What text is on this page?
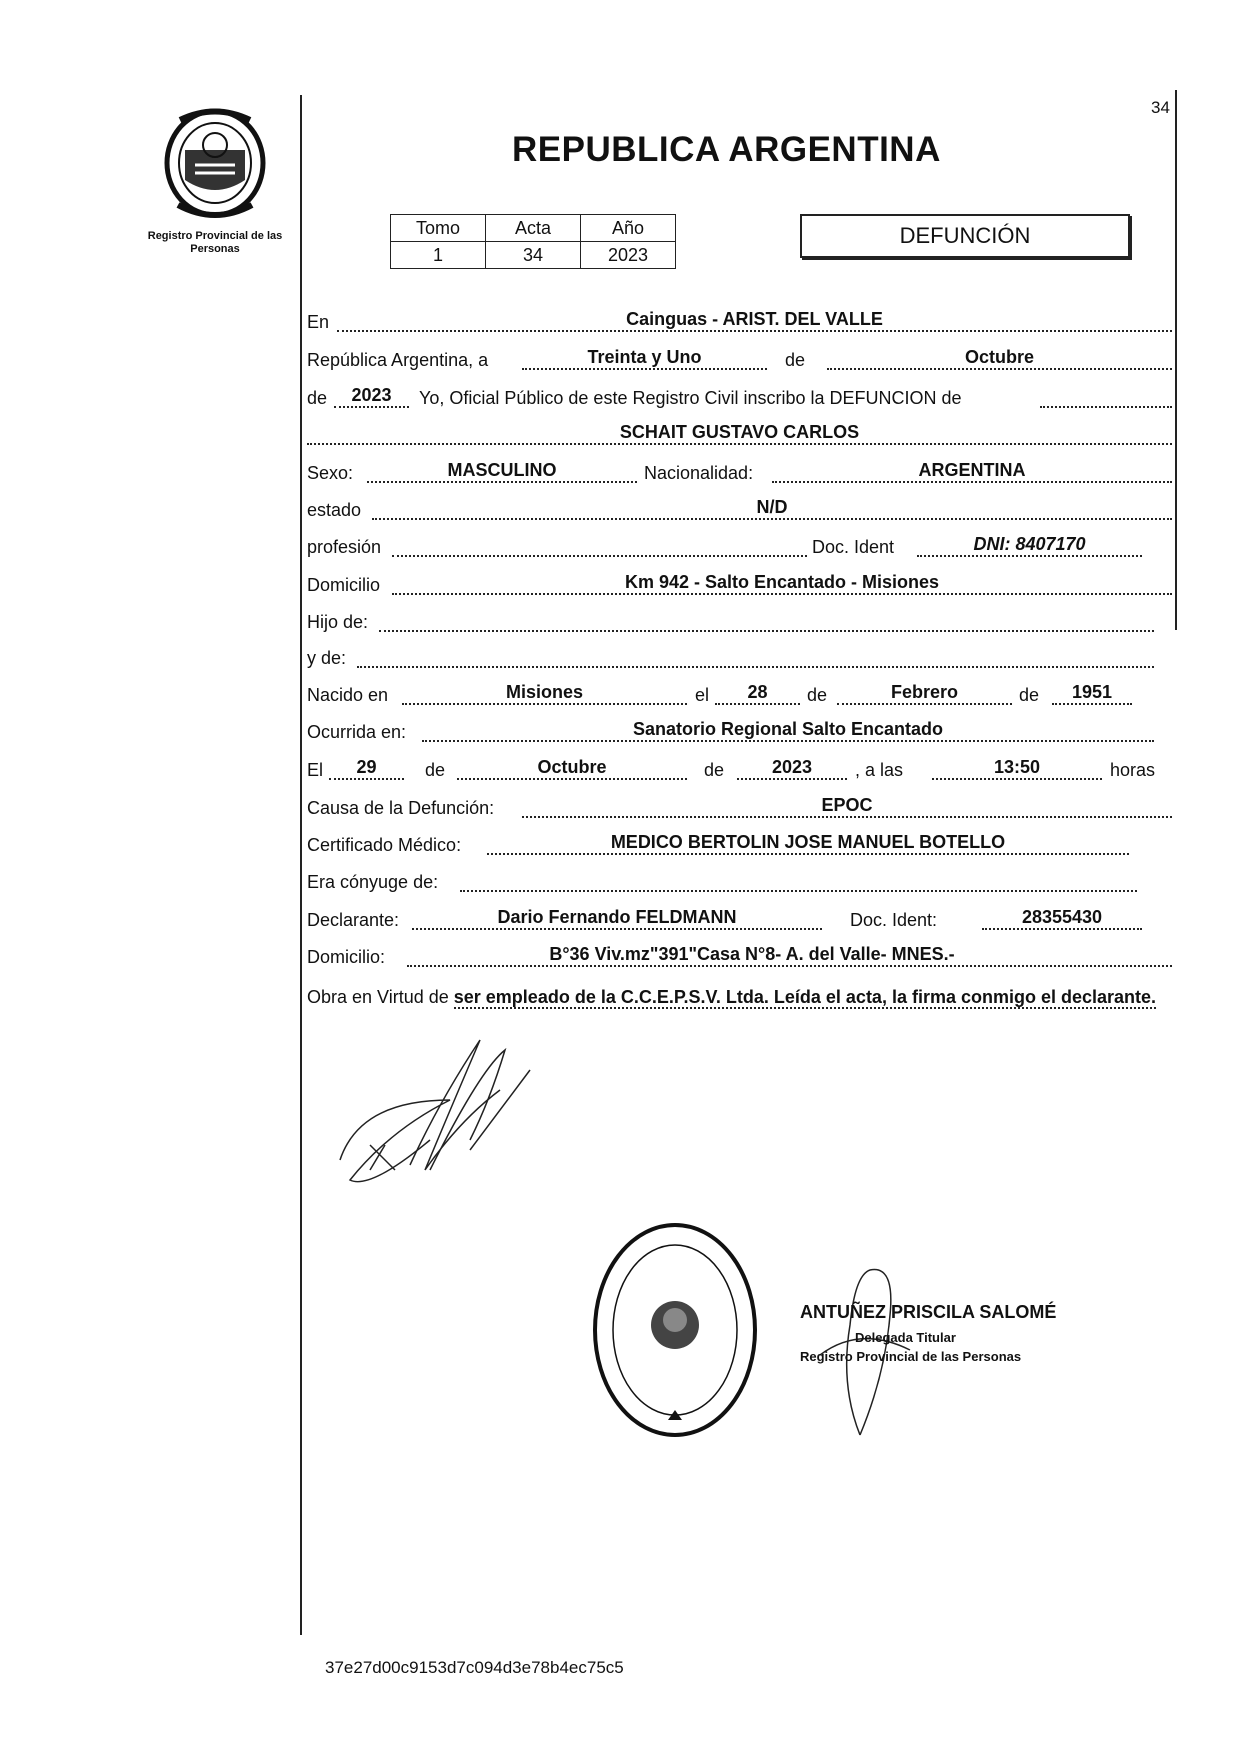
34
Registro Provincial de las Personas
REPUBLICA ARGENTINA
Tomo	Acta	Año
1	34	2023
DEFUNCIÓN
En	Cainguas - ARIST. DEL VALLE
República Argentina, a	Treinta y Uno	de	Octubre
de	2023	Yo, Oficial Público de este Registro Civil inscribo la DEFUNCION de
SCHAIT GUSTAVO CARLOS
Sexo:	MASCULINO	Nacionalidad:	ARGENTINA
estado	N/D
profesión	Doc. Ident	DNI: 8407170
Domicilio	Km 942 - Salto Encantado - Misiones
Hijo de:
y de:
Nacido en	Misiones	el	28	de	Febrero	de	1951
Ocurrida en:	Sanatorio Regional Salto Encantado
El	29	de	Octubre	de	2023	, a las	13:50	horas
Causa de la Defunción:	EPOC
Certificado Médico:	MEDICO BERTOLIN JOSE MANUEL BOTELLO
Era cónyuge de:
Declarante:	Dario Fernando FELDMANN	Doc. Ident:	28355430
Domicilio:	B°36 Viv.mz"391"Casa N°8- A. del Valle- MNES.-
Obra en Virtud de ser empleado de la C.C.E.P.S.V. Ltda. Leída el acta, la firma conmigo el declarante.
ANTUÑEZ PRISCILA SALOMÉ
Delegada Titular
Registro Provincial de las Personas
37e27d00c9153d7c094d3e78b4ec75c5
